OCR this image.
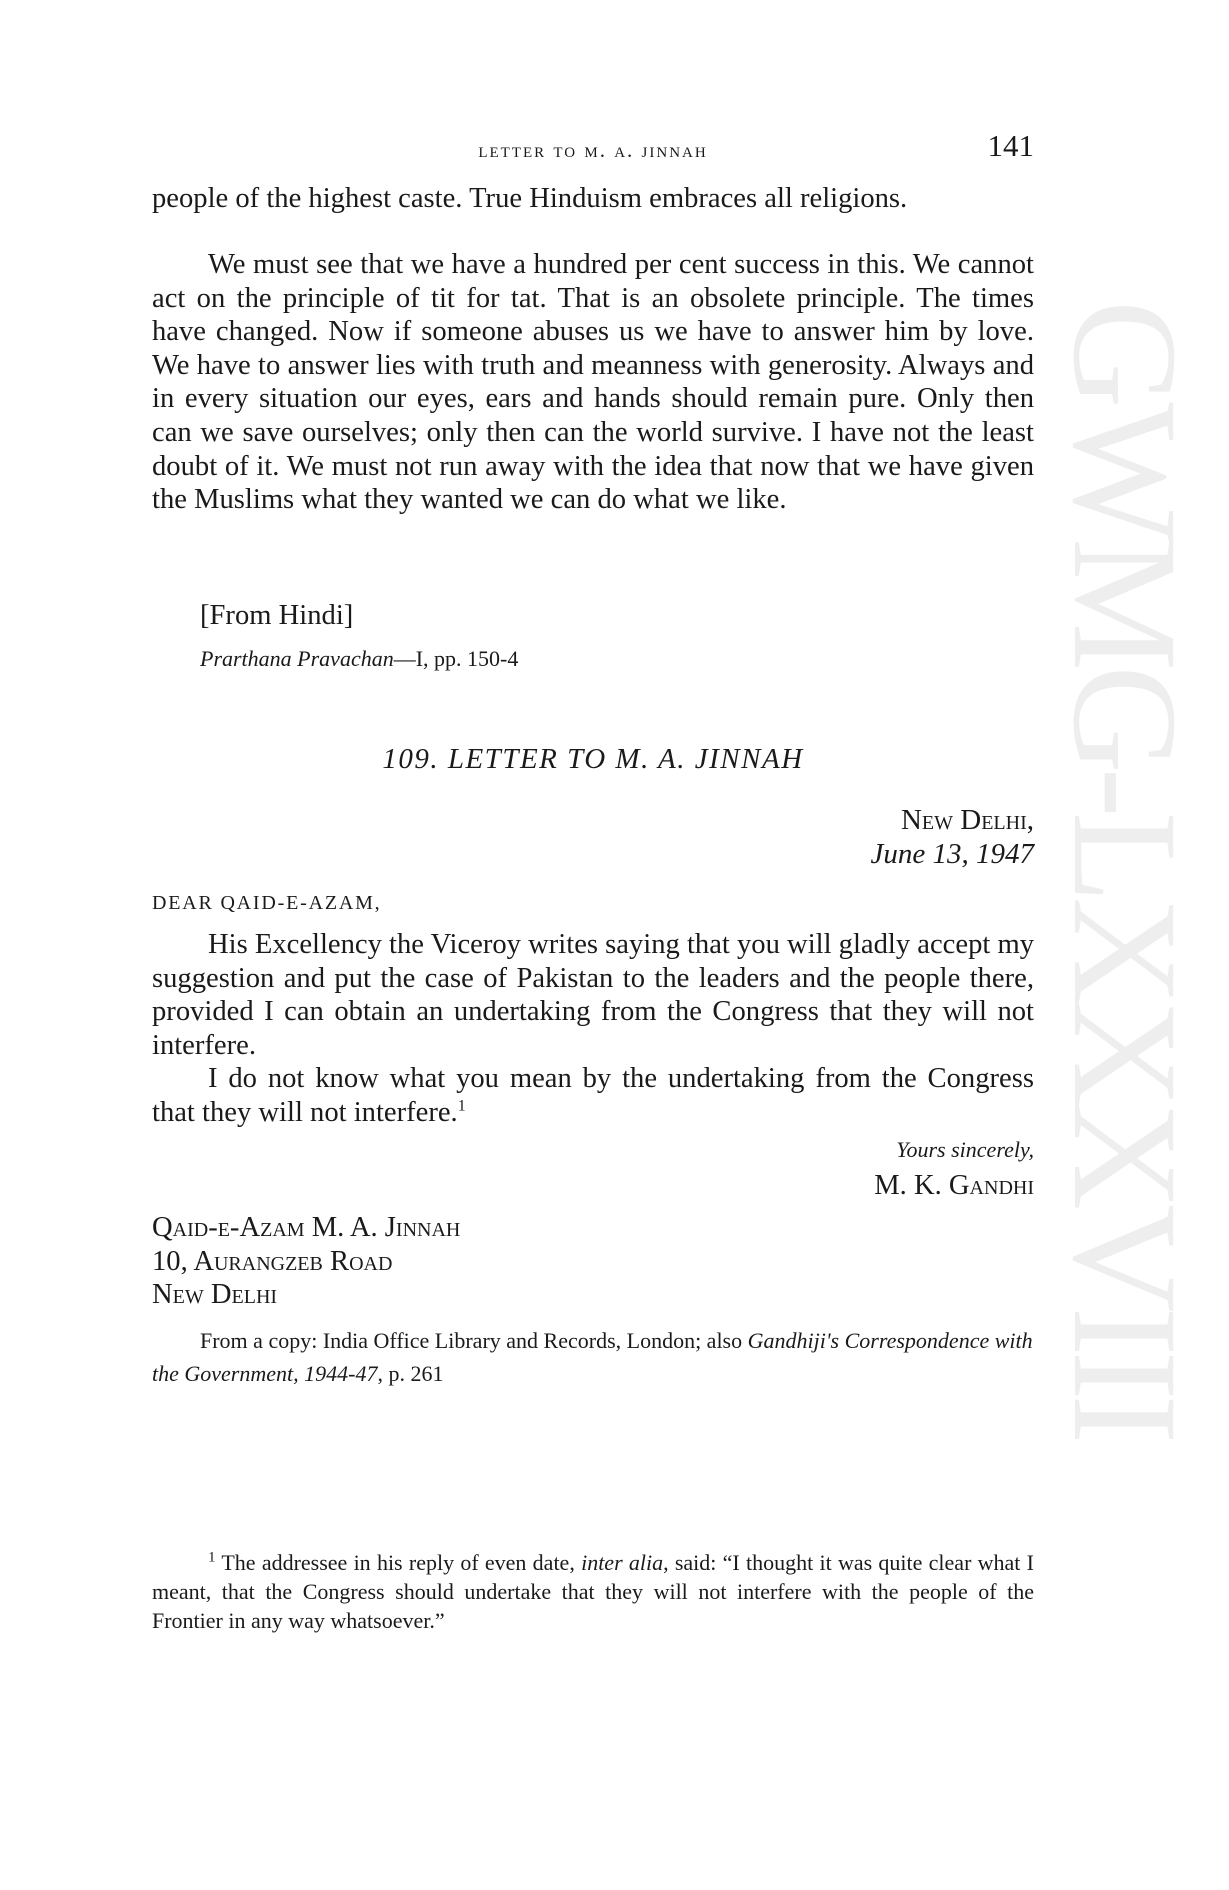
GWMG-LXXXVIII
letter to m. a. jinnah	141

people of the highest caste. True Hinduism embraces all religions.

We must see that we have a hundred per cent success in this. We cannot act on the principle of tit for tat. That is an obsolete principle. The times have changed. Now if someone abuses us we have to answer him by love. We have to answer lies with truth and meanness with generosity. Always and in every situation our eyes, ears and hands should remain pure. Only then can we save ourselves; only then can the world survive. I have not the least doubt of it. We must not run away with the idea that now that we have given the Muslims what they wanted we can do what we like.

[From Hindi]
Prarthana Pravachan—I, pp. 150-4
109. LETTER TO M. A. JINNAH
New Delhi,
June 13, 1947
DEAR QAID-E-AZAM,

His Excellency the Viceroy writes saying that you will gladly accept my suggestion and put the case of Pakistan to the leaders and the people there, provided I can obtain an undertaking from the Congress that they will not interfere.

I do not know what you mean by the undertaking from the Congress that they will not interfere.$^1$

Yours sincerely,
M. K. Gandhi
Qaid-e-Azam M. A. Jinnah
10, Aurangzeb Road
New Delhi
From a copy: India Office Library and Records, London; also Gandhiji's Correspondence with the Government, 1944-47, p. 261
$^1$ The addressee in his reply of even date, inter alia, said: “I thought it was quite clear what I meant, that the Congress should undertake that they will not interfere with the people of the Frontier in any way whatsoever.”
